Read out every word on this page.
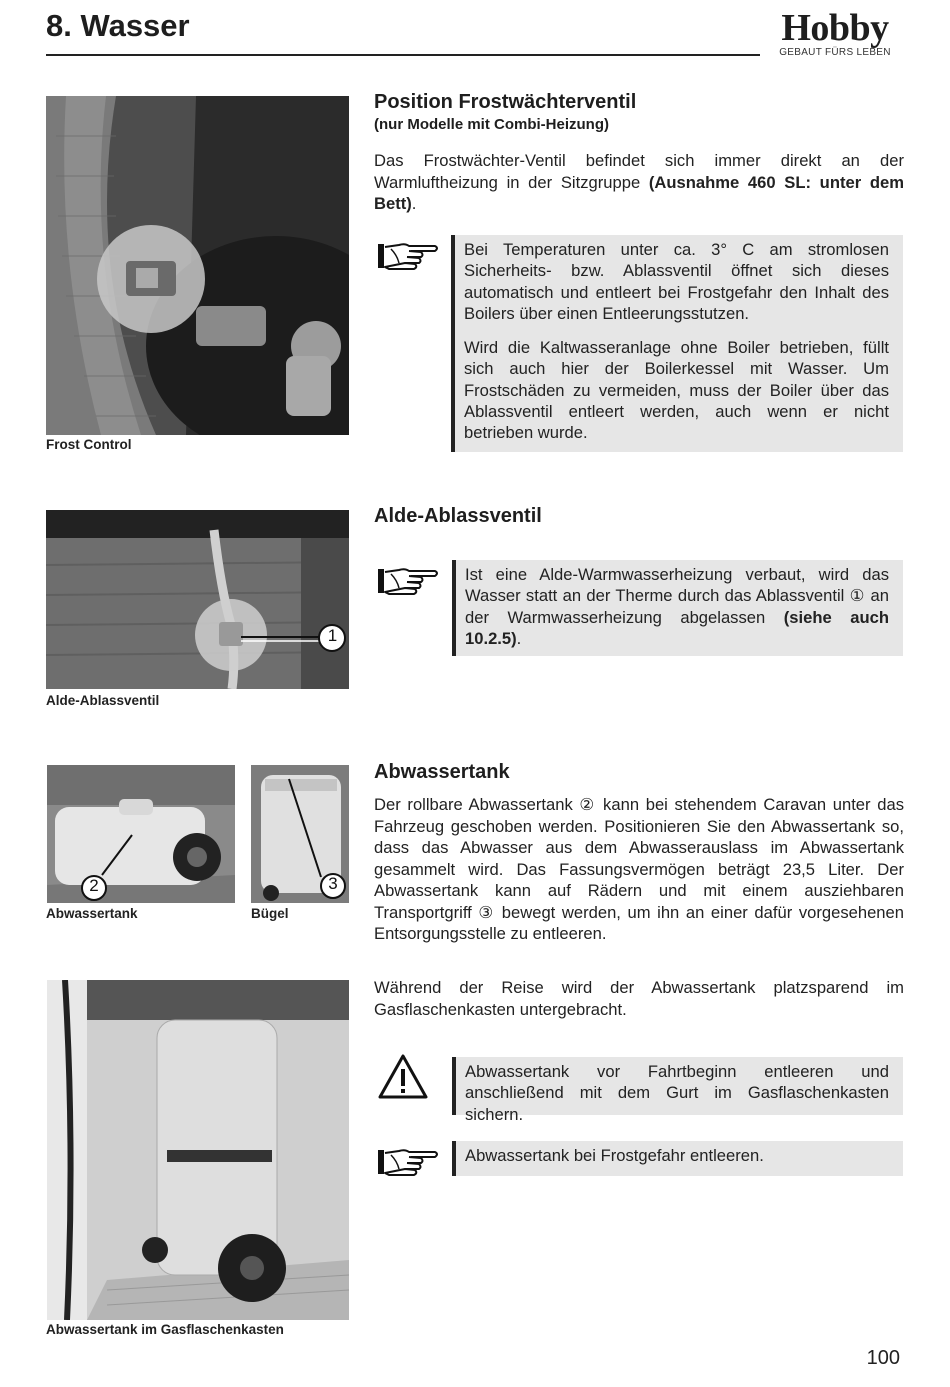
8. Wasser	Hobby
GEBAUT FÜRS LEBEN
Frost Control
Position Frostwächterventil
(nur Modelle mit Combi-Heizung)
Das Frostwächter-Ventil befindet sich immer direkt an der Warmluftheizung in der Sitzgruppe (Ausnahme 460 SL: unter dem Bett).

Bei Temperaturen unter ca. 3° C am stromlosen Sicherheits- bzw. Ablassventil öffnet sich dieses automatisch und entleert bei Frostgefahr den Inhalt des Boilers über einen Entleerungsstutzen.

Wird die Kaltwasseranlage ohne Boiler betrieben, füllt sich auch hier der Boilerkessel mit Wasser. Um Frostschäden zu vermeiden, muss der Boiler über das Ablassventil entleert werden, auch wenn er nicht betrieben wurde.

1
Alde-Ablassventil
Alde-Ablassventil

Ist eine Alde-Warmwasserheizung verbaut, wird das Wasser statt an der Therme durch das Ablassventil ① an der Warmwasserheizung abgelassen (siehe auch 10.2.5).

2
Abwassertank
3
Bügel
Abwassertank
Der rollbare Abwassertank ② kann bei stehendem Caravan unter das Fahrzeug geschoben werden. Positionieren Sie den Abwassertank so, dass das Abwasser aus dem Abwasserauslass im Abwassertank gesammelt wird. Das Fassungsvermögen beträgt 23,5 Liter. Der Abwassertank kann auf Rädern und mit einem ausziehbaren Transportgriff ③ bewegt werden, um ihn an einer dafür vorgesehenen Entsorgungsstelle zu entleeren.
Abwassertank im Gasflaschenkasten
Während der Reise wird der Abwassertank platzsparend im Gasflaschenkasten untergebracht.

Abwassertank vor Fahrtbeginn entleeren und anschließend mit dem Gurt im Gasflaschenkasten sichern.

Abwassertank bei Frostgefahr entleeren.

100
